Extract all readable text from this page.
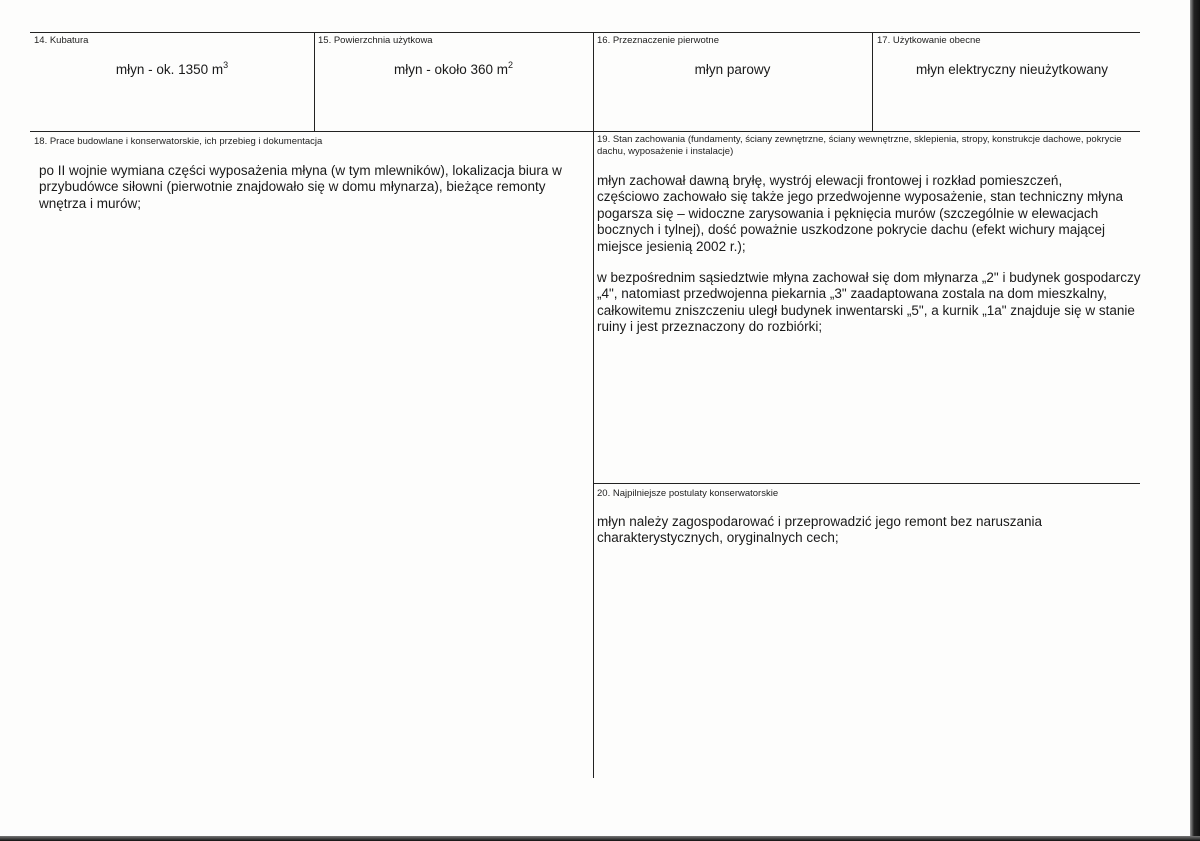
14. Kubatura
młyn - ok. 1350 $m^3$
15. Powierzchnia użytkowa
młyn - około 360 $m^2$
16. Przeznaczenie pierwotne
młyn parowy
17. Użytkowanie obecne
młyn elektryczny nieużytkowany
18. Prace budowlane i konserwatorskie, ich przebieg i dokumentacja

po II wojnie wymiana części wyposażenia młyna (w tym mlewników), lokalizacja biura w przybudówce siłowni (pierwotnie znajdowało się w domu młynarza), bieżące remonty wnętrza i murów;

19. Stan zachowania (fundamenty, ściany zewnętrzne, ściany wewnętrzne, sklepienia, stropy, konstrukcje dachowe, pokrycie dachu, wyposażenie i instalacje)

młyn zachował dawną bryłę, wystrój elewacji frontowej i rozkład pomieszczeń, częściowo zachowało się także jego przedwojenne wyposażenie, stan techniczny młyna pogarsza się – widoczne zarysowania i pęknięcia murów (szczególnie w elewacjach bocznych i tylnej), dość poważnie uszkodzone pokrycie dachu (efekt wichury mającej miejsce jesienią 2002 r.);

w bezpośrednim sąsiedztwie młyna zachował się dom młynarza „2" i budynek gospodarczy „4", natomiast przedwojenna piekarnia „3" zaadaptowana zostala na dom mieszkalny, całkowitemu zniszczeniu uległ budynek inwentarski „5", a kurnik „1a" znajduje się w stanie ruiny i jest przeznaczony do rozbiórki;

20. Najpilniejsze postulaty konserwatorskie

młyn należy zagospodarować i przeprowadzić jego remont bez naruszania charakterystycznych, oryginalnych cech;
